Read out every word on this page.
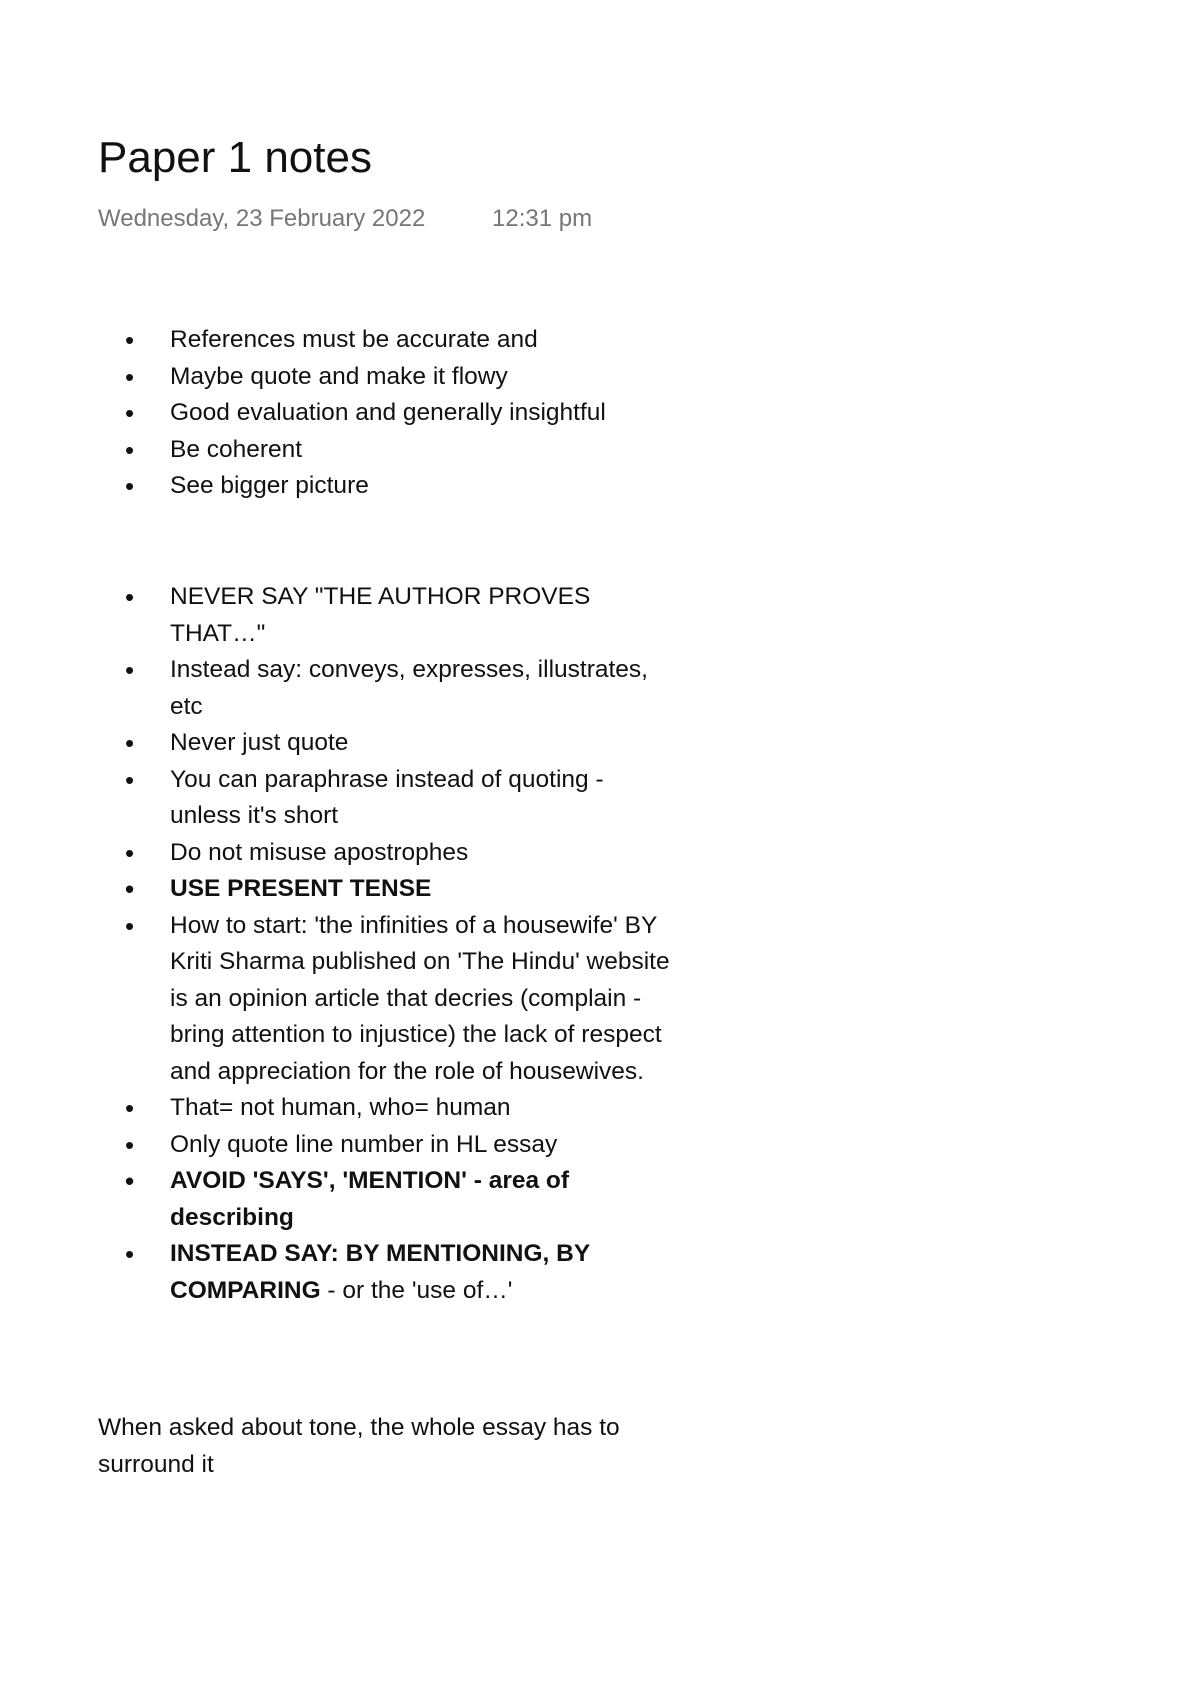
Paper 1 notes
Wednesday, 23 February 2022	12:31 pm
• References must be accurate and
• Maybe quote and make it flowy
• Good evaluation and generally insightful
• Be coherent
• See bigger picture
• NEVER SAY "THE AUTHOR PROVES THAT…"
• Instead say: conveys, expresses, illustrates, etc
• Never just quote
• You can paraphrase instead of quoting - unless it's short
• Do not misuse apostrophes
• USE PRESENT TENSE
• How to start: 'the infinities of a housewife' BY Kriti Sharma published on 'The Hindu' website is an opinion article that decries (complain - bring attention to injustice) the lack of respect and appreciation for the role of housewives.
• That= not human, who= human
• Only quote line number in HL essay
• AVOID 'SAYS', 'MENTION' - area of describing
• INSTEAD SAY: BY MENTIONING, BY COMPARING - or the 'use of…'

When asked about tone, the whole essay has to surround it
